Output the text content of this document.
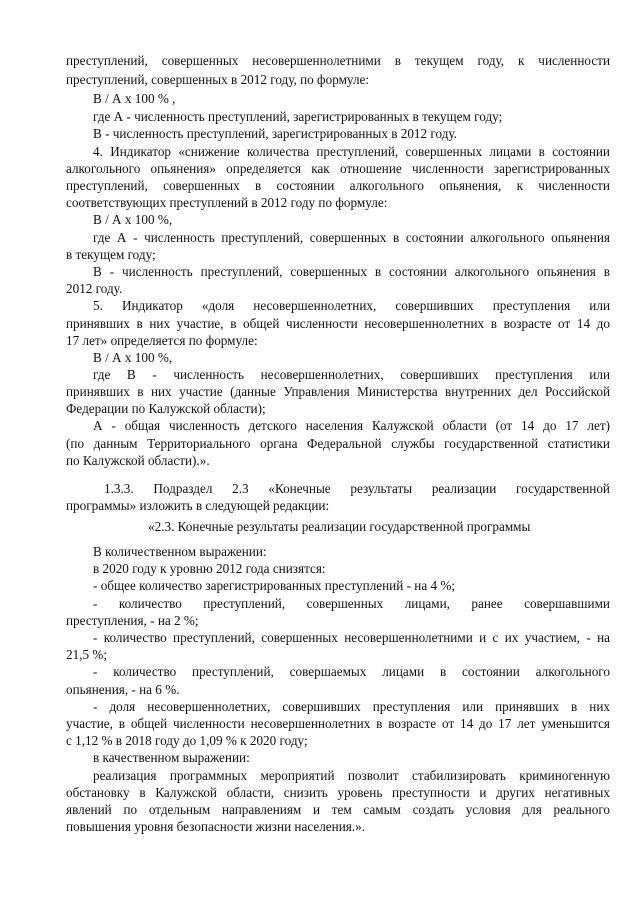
преступлений, совершенных несовершеннолетними в текущем году, к численности
преступлений, совершенных в 2012 году, по формуле:
В / А х 100 % ,
где А - численность преступлений, зарегистрированных в текущем году;
В - численность преступлений, зарегистрированных в 2012 году.
4. Индикатор «снижение количества преступлений, совершенных лицами в состоянии
алкогольного опьянения» определяется как отношение численности зарегистрированных
преступлений, совершенных в состоянии алкогольного опьянения, к численности
соответствующих преступлений в 2012 году по формуле:
В / А х 100 %,
где А - численность преступлений, совершенных в состоянии алкогольного опьянения
в текущем году;
В - численность преступлений, совершенных в состоянии алкогольного опьянения в
2012 году.
5. Индикатор «доля несовершеннолетних, совершивших преступления или
принявших в них участие, в общей численности несовершеннолетних в возрасте от 14 до
17 лет» определяется по формуле:
В / А х 100 %,
где В - численность несовершеннолетних, совершивших преступления или
принявших в них участие (данные Управления Министерства внутренних дел Российской
Федерации по Калужской области);
А - общая численность детского населения Калужской области (от 14 до 17 лет)
(по данным Территориального органа Федеральной службы государственной статистики
по Калужской области).».
1.3.3. Подраздел 2.3 «Конечные результаты реализации государственной
программы» изложить в следующей редакции:
«2.3. Конечные результаты реализации государственной программы
В количественном выражении:
в 2020 году к уровню 2012 года снизятся:
- общее количество зарегистрированных преступлений - на 4 %;
- количество преступлений, совершенных лицами, ранее совершавшими
преступления, - на 2 %;
- количество преступлений, совершенных несовершеннолетними и с их участием, - на
21,5 %;
- количество преступлений, совершаемых лицами в состоянии алкогольного
опьянения, - на 6 %.
- доля несовершеннолетних, совершивших преступления или принявших в них
участие, в общей численности несовершеннолетних в возрасте от 14 до 17 лет уменьшится
с 1,12 % в 2018 году до 1,09 % к 2020 году;
в качественном выражении:
реализация программных мероприятий позволит стабилизировать криминогенную
обстановку в Калужской области, снизить уровень преступности и других негативных
явлений по отдельным направлениям и тем самым создать условия для реального
повышения уровня безопасности жизни населения.».
